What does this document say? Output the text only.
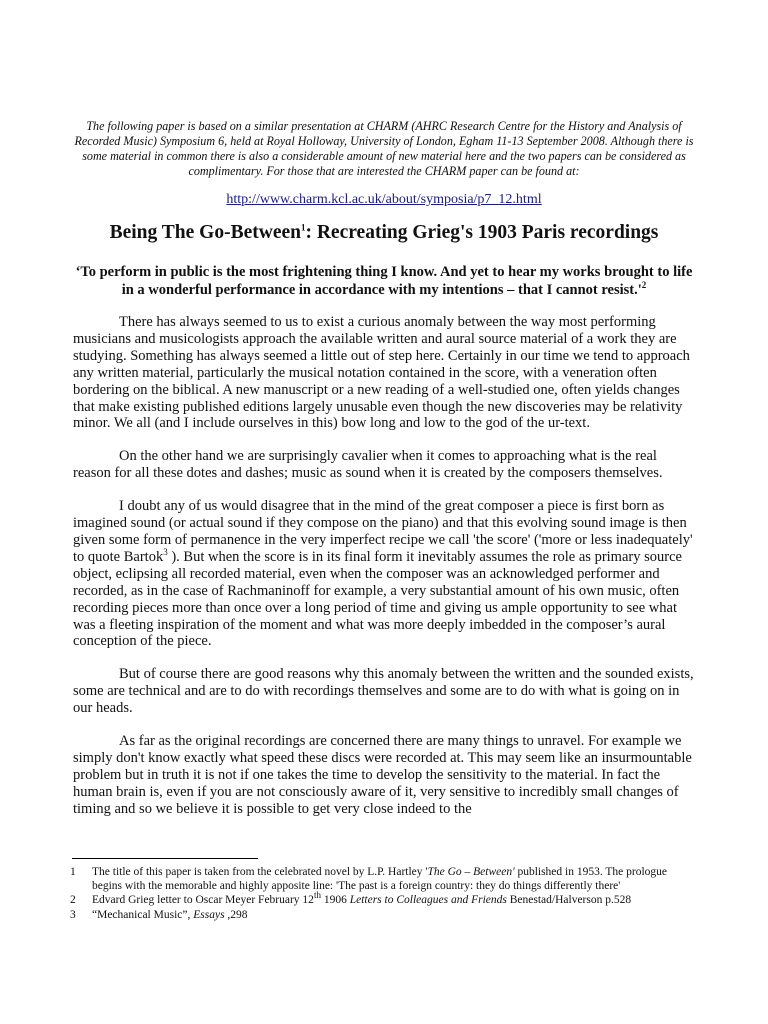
The following paper is based on a similar presentation at CHARM (AHRC Research Centre for the History and Analysis of Recorded Music) Symposium 6, held at Royal Holloway, University of London, Egham 11-13 September 2008. Although there is some material in common there is also a considerable amount of new material here and the two papers can be considered as complimentary. For those that are interested the CHARM paper can be found at:

http://www.charm.kcl.ac.uk/about/symposia/p7_12.html

Being The Go-Between$^1$: Recreating Grieg's 1903 Paris recordings

‘To perform in public is the most frightening thing I know. And yet to hear my works brought to life in a wonderful performance in accordance with my intentions – that I cannot $resist.'^2$

There has always seemed to us to exist a curious anomaly between the way most performing musicians and musicologists approach the available written and aural source material of a work they are studying. Something has always seemed a little out of step here. Certainly in our time we tend to approach any written material, particularly the musical notation contained in the score, with a veneration often bordering on the biblical. A new manuscript or a new reading of a well-studied one, often yields changes that make existing published editions largely unusable even though the new discoveries may be relativity minor. We all (and I include ourselves in this) bow long and low to the god of the ur-text.

On the other hand we are surprisingly cavalier when it comes to approaching what is the real reason for all these dotes and dashes; music as sound when it is created by the composers themselves.

I doubt any of us would disagree that in the mind of the great composer a piece is first born as imagined sound (or actual sound if they compose on the piano) and that this evolving sound image is then given some form of permanence in the very imperfect recipe we call 'the score' ('more or less inadequately' to quote Bartok$^3$ ). But when the score is in its final form it inevitably assumes the role as primary source object, eclipsing all recorded material, even when the composer was an acknowledged performer and recorded, as in the case of Rachmaninoff for example, a very substantial amount of his own music, often recording pieces more than once over a long period of time and giving us ample opportunity to see what was a fleeting inspiration of the moment and what was more deeply imbedded in the composer’s aural conception of the piece.

But of course there are good reasons why this anomaly between the written and the sounded exists, some are technical and are to do with recordings themselves and some are to do with what is going on in our heads.

As far as the original recordings are concerned there are many things to unravel. For example we simply don't know exactly what speed these discs were recorded at. This may seem like an insurmountable problem but in truth it is not if one takes the time to develop the sensitivity to the material. In fact the human brain is, even if you are not consciously aware of it, very sensitive to incredibly small changes of timing and so we believe it is possible to get very close indeed to the

1	The title of this paper is taken from the celebrated novel by L.P. Hartley 'The Go – Between' published in 1953. The prologue begins with the memorable and highly apposite line: 'The past is a foreign country: they do things differently there'
2	Edvard Grieg letter to Oscar Meyer February 12th 1906 Letters to Colleagues and Friends Benestad/Halverson p.528
3	“Mechanical Music”, Essays ,298
